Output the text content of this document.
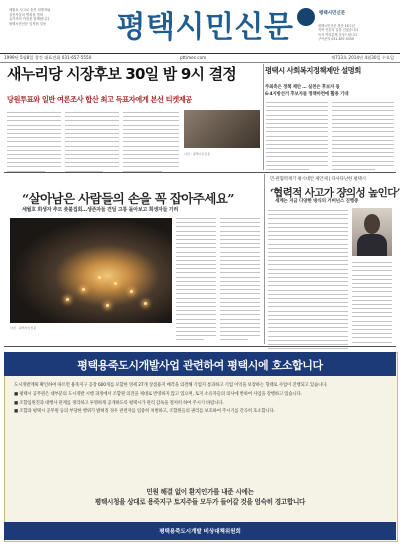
세월호 사고로 숨진 희생자와
실종자들의 명복을 빌며
유가족의 아픔을 함께합니다
평택시민신문 임직원 일동	평택시민신문	평택시민신문
평택시민신문 창간 18주년
지역 언론의 길을 걷겠습니다
독자 여러분께 감사드립니다
구독문의 031-657-5550
1999년 5월8일 창간 대표전화 031-657-5550	pttimes.com	제713호 2014년 4월30일 수요일
새누리당 시장후보 30일 밤 9시 결정
당원투표와 일반 여론조사 합산 최고 득표자에게 본선 티켓제공
사진 : 평택시민신문
평택시 사회복지정책제안 설명회
주최측은 정책 제안 … 실천은 후보자 몫
6·4지방선거 후보자들 정책마련에 활용 기대
“살아남은 사람들의 손을 꼭 잡아주세요”
세월호 희생자 추모 촛불집회…생존자들 견딜 고통 돌아보고 희생자들 기려
사진 : 평택시민신문
민·관협력재기 평시대안 제안제 | 다사다난한 평택시
‘협력적 사고가 쟝의성 높인다’
세계는 지금 다양한 방식의 거버넌스 진행중
평택용죽도시개발사업 관련하여 평택시에 호소합니다

도시개발계획 확인하여 따르면 용죽지구 공장 600개를 포함한 영세 27개 상점용지 매각을 의결해 기업지 통과하고 기업 이익을 보장하는 형태로 사업이 진행되고 있습니다.

■ 평택시 공무원은 대부분의 도시개발 시행 과정에서 조합원 의견을 제대로 반영하지 않고 있으며, 토지 소유자들의 의사에 반하여 사업을 강행하고 있습니다.

■ 조합임원진과 대행사 관계를 정리하고 투명하게 공개하도록 평택시가 관리 감독을 철저히 하여 주시기 바랍니다.

■ 조합과 평택시 공무원 등의 부당한 행위가 밝혀질 경우 관련자를 엄중히 처벌하고, 조합원들의 권리를 보호하여 주시기를 간곡히 호소합니다.

민원 해결 없이 환지인가를 내준 시에는
평택시청을 상대로 용죽지구 토지주들 모두가 들어갈 것을 엄숙히 경고합니다
평택용죽도시개발 비상대책위원회
